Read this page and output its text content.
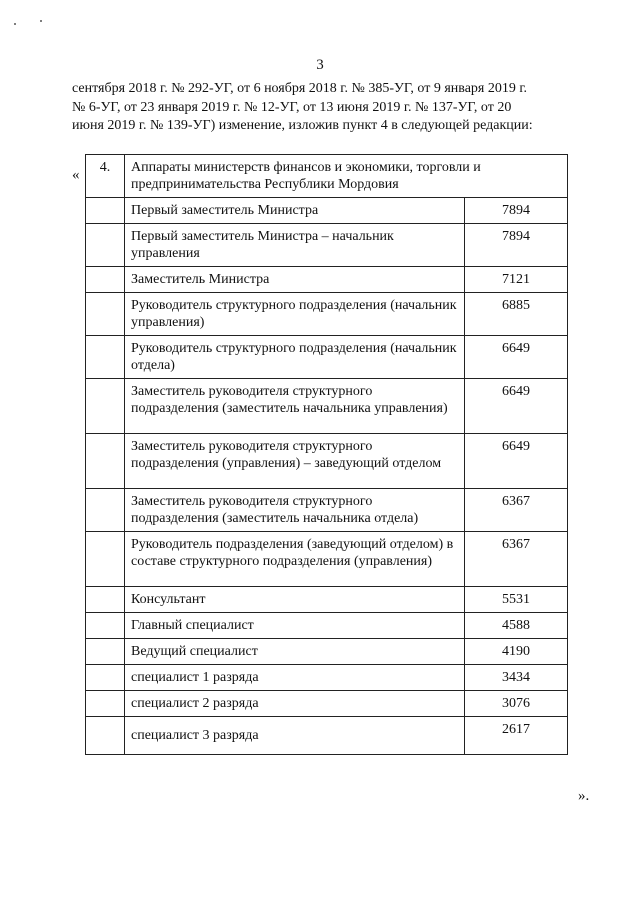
3

сентября 2018 г. № 292-УГ, от 6 ноября 2018 г. № 385-УГ, от 9 января 2019 г.

№ 6-УГ, от 23 января 2019 г. № 12-УГ, от 13 июня 2019 г. № 137-УГ, от 20

июня 2019 г. № 139-УГ) изменение, изложив пункт 4 в следующей редакции:

« 4.	Аппараты министерств финансов и экономики, торговли и предпринимательства Республики Мордовия	
	Первый заместитель Министра	7894
	Первый заместитель Министра – начальник управления	7894
	Заместитель Министра	7121
	Руководитель структурного подразделения (начальник управления)	6885
	Руководитель структурного подразделения (начальник отдела)	6649
	Заместитель руководителя структурного подразделения (заместитель начальника управления)	6649
	Заместитель руководителя структурного подразделения (управления) – заведующий отделом	6649
	Заместитель руководителя структурного подразделения (заместитель начальника отдела)	6367
	Руководитель подразделения (заведующий отделом) в составе структурного подразделения (управления)	6367
	Консультант	5531
	Главный специалист	4588
	Ведущий специалист	4190
	специалист 1 разряда	3434
	специалист 2 разряда	3076
	специалист 3 разряда	2617
».
